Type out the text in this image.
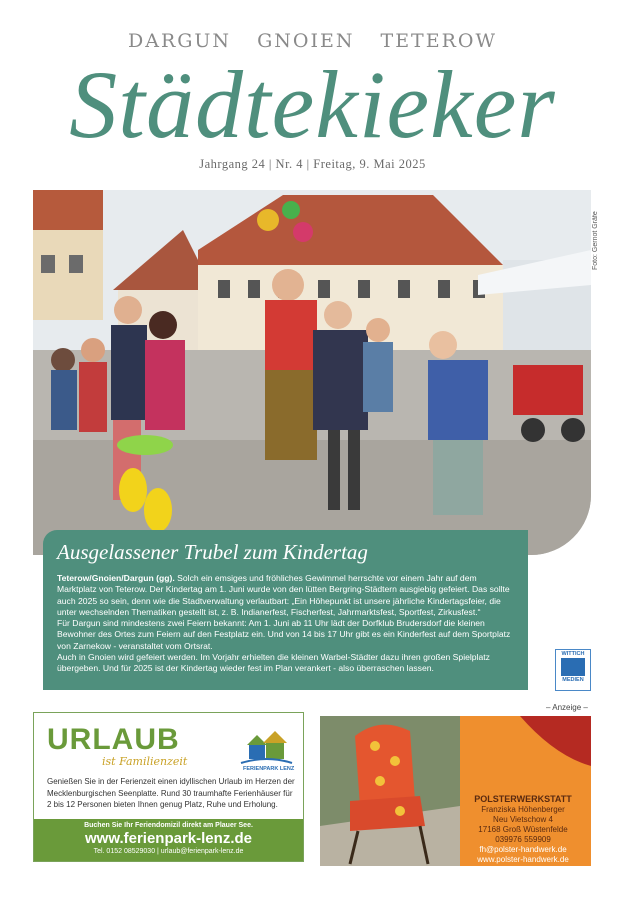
DARGUN GNOIEN TETEROW
Städtekieker
Jahrgang 24 | Nr. 4 | Freitag, 9. Mai 2025
Foto: Gernot Gräfe
Ausgelassener Trubel zum Kindertag

Teterow/Gnoien/Dargun (gg). Solch ein emsiges und fröhliches Gewimmel herrschte vor einem Jahr auf dem Marktplatz von Teterow. Der Kindertag am 1. Juni wurde von den lütten Bergring-Städtern ausgiebig gefeiert. Das sollte auch 2025 so sein, denn wie die Stadtverwaltung verlautbart: „Ein Höhepunkt ist unsere jährliche Kindertagsfeier, die unter wechselnden Thematiken gestellt ist, z. B. Indianerfest, Fischerfest, Jahrmarktsfest, Sportfest, Zirkusfest.“

Für Dargun sind mindestens zwei Feiern bekannt: Am 1. Juni ab 11 Uhr lädt der Dorfklub Brudersdorf die kleinen Bewohner des Ortes zum Feiern auf den Festplatz ein. Und von 14 bis 17 Uhr gibt es ein Kinderfest auf dem Sportplatz von Zarnekow - veranstaltet vom Ortsrat.

Auch in Gnoien wird gefeiert werden. Im Vorjahr erhielten die kleinen Warbel-Städter dazu ihren großen Spielplatz übergeben. Und für 2025 ist der Kindertag wieder fest im Plan verankert - also überraschen lassen.

WITTICH
MEDIEN
– Anzeige –
URLAUB
ist Familienzeit
FERIENPARK LENZ
Genießen Sie in der Ferienzeit einen idyllischen Urlaub im Herzen der Mecklenburgischen Seenplatte. Rund 30 traumhafte Ferienhäuser für 2 bis 12 Personen bieten Ihnen genug Platz, Ruhe und Erholung.
Buchen Sie Ihr Feriendomizil direkt am Plauer See.
www.ferienpark-lenz.de
Tel. 0152 08529030 | urlaub@ferienpark-lenz.de
POLSTERWERKSTATT
Franziska Höhenberger
Neu Vietschow 4
17168 Groß Wüstenfelde
039976 559909
fh@polster-handwerk.de
www.polster-handwerk.de
